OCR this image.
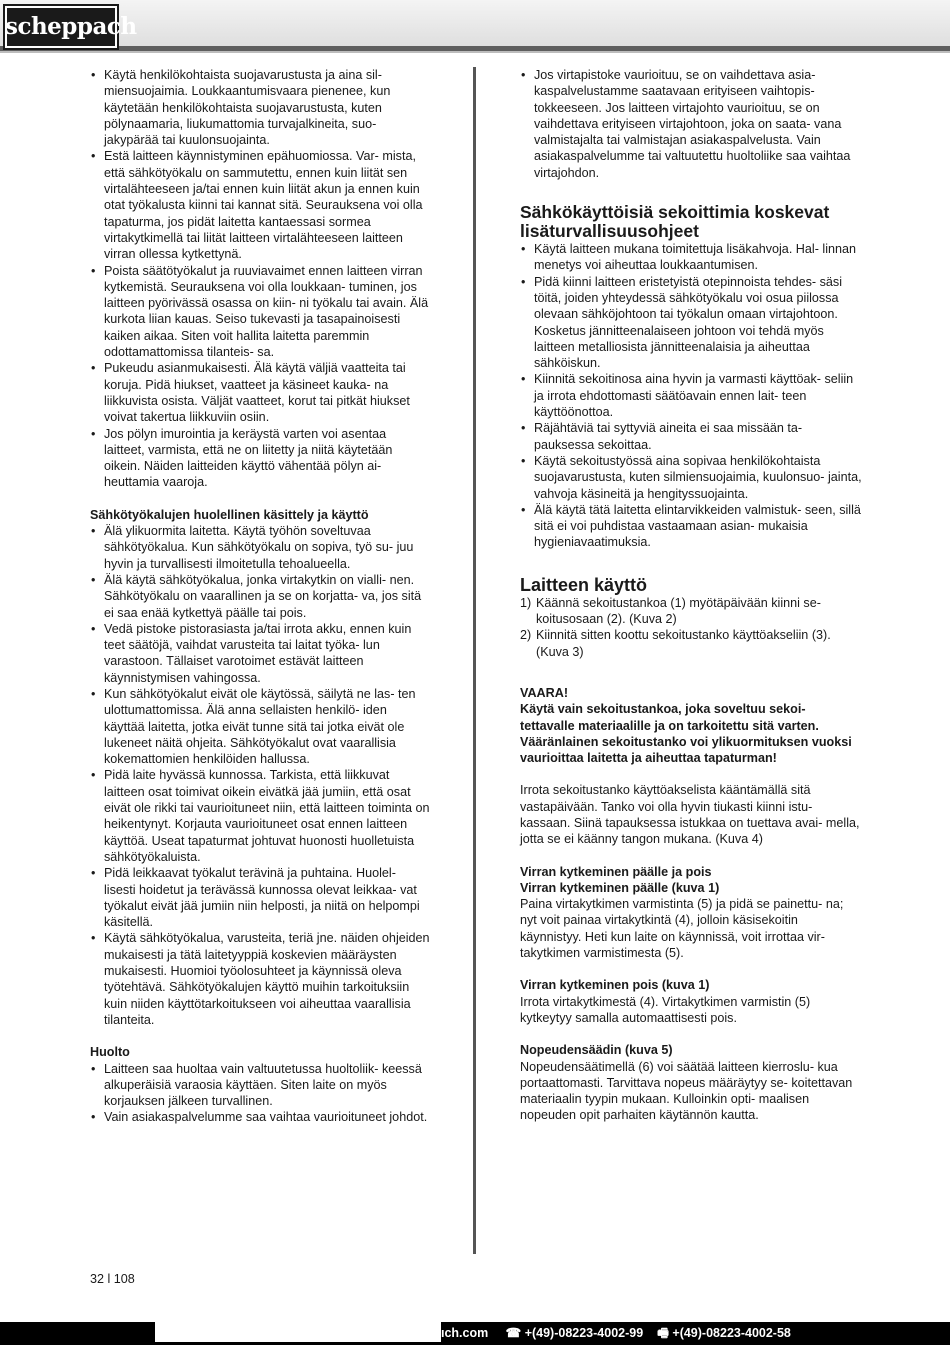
scheppach
• Käytä henkilökohtaista suojavarustusta ja aina sil- miensuojaimia. Loukkaantumisvaara pienenee, kun käytetään henkilökohtaista suojavarustusta, kuten pölynaamaria, liukumattomia turvajalkineita, suo- jakypärää tai kuulonsuojainta.
• Estä laitteen käynnistyminen epähuomiossa. Var- mista, että sähkötyökalu on sammutettu, ennen kuin liität sen virtalähteeseen ja/tai ennen kuin liität akun ja ennen kuin otat työkalusta kiinni tai kannat sitä. Seurauksena voi olla tapaturma, jos pidät laitetta kantaessasi sormea virtakytkimellä tai liität laitteen virtalähteeseen laitteen virran ollessa kytkettynä.
• Poista säätötyökalut ja ruuviavaimet ennen laitteen virran kytkemistä. Seurauksena voi olla loukkaan- tuminen, jos laitteen pyörivässä osassa on kiin- ni työkalu tai avain. Älä kurkota liian kauas. Seiso tukevasti ja tasapainoisesti kaiken aikaa. Siten voit hallita laitetta paremmin odottamattomissa tilanteis- sa.
• Pukeudu asianmukaisesti. Älä käytä väljiä vaatteita tai koruja. Pidä hiukset, vaatteet ja käsineet kauka- na liikkuvista osista. Väljät vaatteet, korut tai pitkät hiukset voivat takertua liikkuviin osiin.
• Jos pölyn imurointia ja keräystä varten voi asentaa laitteet, varmista, että ne on liitetty ja niitä käytetään oikein. Näiden laitteiden käyttö vähentää pölyn ai- heuttamia vaaroja.

Sähkötyökalujen huolellinen käsittely ja käyttö

• Älä ylikuormita laitetta. Käytä työhön soveltuvaa sähkötyökalua. Kun sähkötyökalu on sopiva, työ su- juu hyvin ja turvallisesti ilmoitetulla tehoalueella.
• Älä käytä sähkötyökalua, jonka virtakytkin on vialli- nen. Sähkötyökalu on vaarallinen ja se on korjatta- va, jos sitä ei saa enää kytkettyä päälle tai pois.
• Vedä pistoke pistorasiasta ja/tai irrota akku, ennen kuin teet säätöjä, vaihdat varusteita tai laitat työka- lun varastoon. Tällaiset varotoimet estävät laitteen käynnistymisen vahingossa.
• Kun sähkötyökalut eivät ole käytössä, säilytä ne las- ten ulottumattomissa. Älä anna sellaisten henkilö- iden käyttää laitetta, jotka eivät tunne sitä tai jotka eivät ole lukeneet näitä ohjeita. Sähkötyökalut ovat vaarallisia kokemattomien henkilöiden hallussa.
• Pidä laite hyvässä kunnossa. Tarkista, että liikkuvat laitteen osat toimivat oikein eivätkä jää jumiin, että osat eivät ole rikki tai vaurioituneet niin, että laitteen toiminta on heikentynyt. Korjauta vaurioituneet osat ennen laitteen käyttöä. Useat tapaturmat johtuvat huonosti huolletuista sähkötyökaluista.
• Pidä leikkaavat työkalut terävinä ja puhtaina. Huolel- lisesti hoidetut ja terävässä kunnossa olevat leikkaa- vat työkalut eivät jää jumiin niin helposti, ja niitä on helpompi käsitellä.
• Käytä sähkötyökalua, varusteita, teriä jne. näiden ohjeiden mukaisesti ja tätä laitetyyppiä koskevien määräysten mukaisesti. Huomioi työolosuhteet ja käynnissä oleva työtehtävä. Sähkötyökalujen käyttö muihin tarkoituksiin kuin niiden käyttötarkoitukseen voi aiheuttaa vaarallisia tilanteita.

Huolto

• Laitteen saa huoltaa vain valtuutetussa huoltoliik- keessä alkuperäisiä varaosia käyttäen. Siten laite on myös korjauksen jälkeen turvallinen.
• Vain asiakaspalvelumme saa vaihtaa vaurioituneet johdot.
• Jos virtapistoke vaurioituu, se on vaihdettava asia- kaspalvelustamme saatavaan erityiseen vaihtopis- tokkeeseen. Jos laitteen virtajohto vaurioituu, se on vaihdettava erityiseen virtajohtoon, joka on saata- vana valmistajalta tai valmistajan asiakaspalvelusta. Vain asiakaspalvelumme tai valtuutettu huoltoliike saa vaihtaa virtajohdon.
Sähkökäyttöisiä sekoittimia koskevat lisäturvallisuusohjeet
• Käytä laitteen mukana toimitettuja lisäkahvoja. Hal- linnan menetys voi aiheuttaa loukkaantumisen.
• Pidä kiinni laitteen eristetyistä otepinnoista tehdes- säsi töitä, joiden yhteydessä sähkötyökalu voi osua piilossa olevaan sähköjohtoon tai työkalun omaan virtajohtoon. Kosketus jännitteenalaiseen johtoon voi tehdä myös laitteen metalliosista jännitteenalaisia ja aiheuttaa sähköiskun.
• Kiinnitä sekoitinosa aina hyvin ja varmasti käyttöak- seliin ja irrota ehdottomasti säätöavain ennen lait- teen käyttöönottoa.
• Räjähtäviä tai syttyviä aineita ei saa missään ta- pauksessa sekoittaa.
• Käytä sekoitustyössä aina sopivaa henkilökohtaista suojavarustusta, kuten silmiensuojaimia, kuulonsuo- jainta, vahvoja käsineitä ja hengityssuojainta.
• Älä käytä tätä laitetta elintarvikkeiden valmistuk- seen, sillä sitä ei voi puhdistaa vastaamaan asian- mukaisia hygieniavaatimuksia.
Laitteen käyttö
1) Käännä sekoitustankoa (1) myötäpäivään kiinni se- koitusosaan (2). (Kuva 2)
2) Kiinnitä sitten koottu sekoitustanko käyttöakseliin (3). (Kuva 3)

VAARA!

Käytä vain sekoitustankoa, joka soveltuu sekoi- tettavalle materiaalille ja on tarkoitettu sitä varten. Vääränlainen sekoitustanko voi ylikuormituksen vuoksi vaurioittaa laitetta ja aiheuttaa tapaturman!

Irrota sekoitustanko käyttöakselista kääntämällä sitä vastapäivään. Tanko voi olla hyvin tiukasti kiinni istu- kassaan. Siinä tapauksessa istukkaa on tuettava avai- mella, jotta se ei käänny tangon mukana. (Kuva 4)

Virran kytkeminen päälle ja pois

Virran kytkeminen päälle (kuva 1)

Paina virtakytkimen varmistinta (5) ja pidä se painettu- na; nyt voit painaa virtakytkintä (4), jolloin käsisekoitin käynnistyy. Heti kun laite on käynnissä, voit irrottaa vir- takytkimen varmistimesta (5).

Virran kytkeminen pois (kuva 1)

Irrota virtakytkimestä (4). Virtakytkimen varmistin (5) kytkeytyy samalla automaattisesti pois.

Nopeudensäädin (kuva 5)

Nopeudensäätimellä (6) voi säätää laitteen kierroslu- kua portaattomasti. Tarvittava nopeus määräytyy se- koitettavan materiaalin tyypin mukaan. Kulloinkin opti- maalisen nopeuden opit parhaiten käytännön kautta.

32 l 108
ıch.com ☎ +(49)-08223-4002-99 🖷 +(49)-08223-4002-58
